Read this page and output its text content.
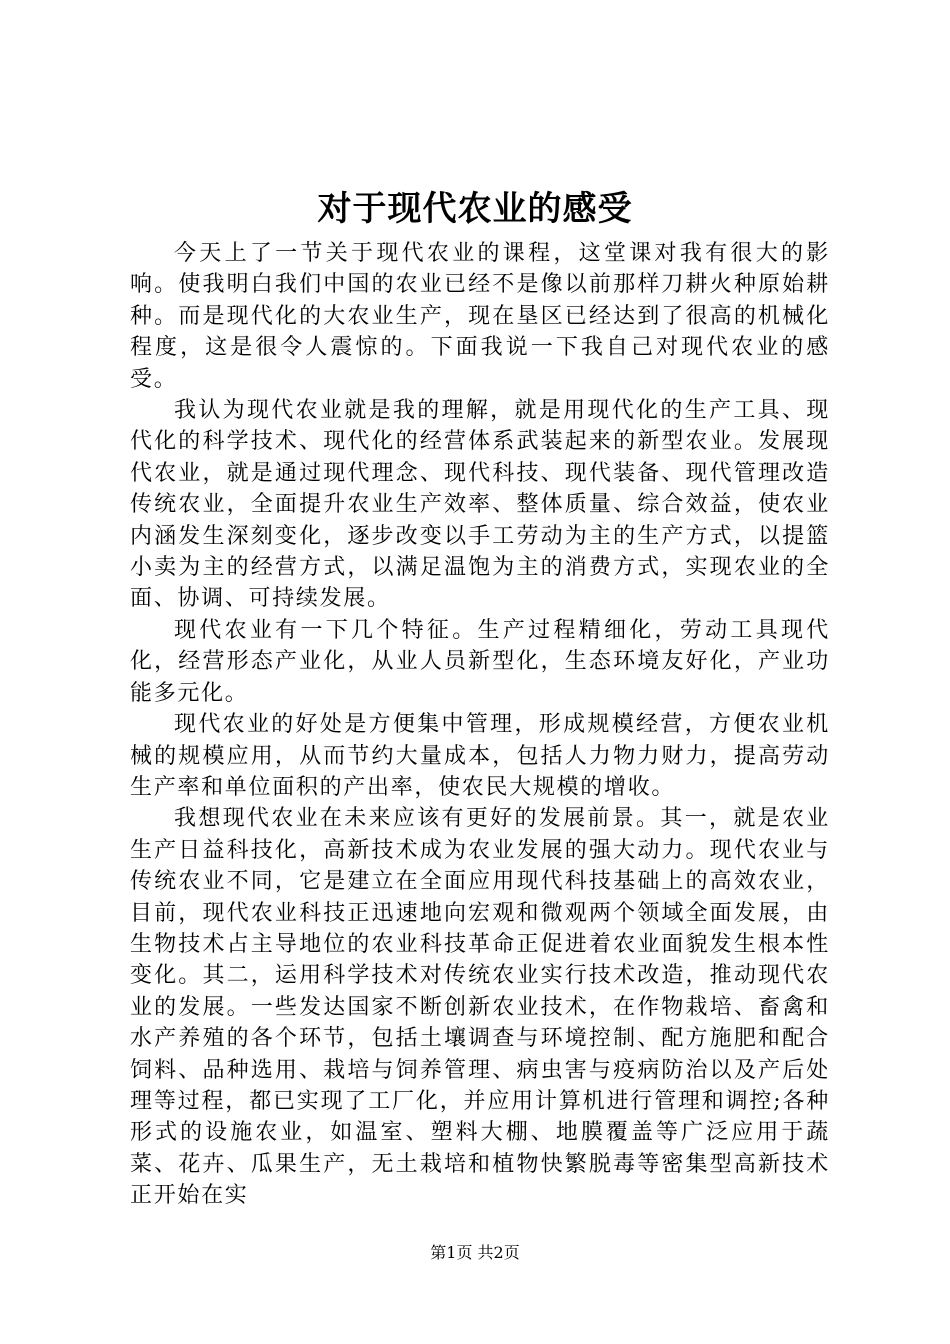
对于现代农业的感受

今天上了一节关于现代农业的课程，这堂课对我有很大的影响。使我明白我们中国的农业已经不是像以前那样刀耕火种原始耕种。而是现代化的大农业生产，现在垦区已经达到了很高的机械化程度，这是很令人震惊的。下面我说一下我自己对现代农业的感受。

我认为现代农业就是我的理解，就是用现代化的生产工具、现代化的科学技术、现代化的经营体系武装起来的新型农业。发展现代农业，就是通过现代理念、现代科技、现代装备、现代管理改造传统农业，全面提升农业生产效率、整体质量、综合效益，使农业内涵发生深刻变化，逐步改变以手工劳动为主的生产方式，以提篮小卖为主的经营方式，以满足温饱为主的消费方式，实现农业的全面、协调、可持续发展。

现代农业有一下几个特征。生产过程精细化，劳动工具现代化，经营形态产业化，从业人员新型化，生态环境友好化，产业功能多元化。

现代农业的好处是方便集中管理，形成规模经营，方便农业机械的规模应用，从而节约大量成本，包括人力物力财力，提高劳动生产率和单位面积的产出率，使农民大规模的增收。

我想现代农业在未来应该有更好的发展前景。其一，就是农业生产日益科技化，高新技术成为农业发展的强大动力。现代农业与传统农业不同，它是建立在全面应用现代科技基础上的高效农业，目前，现代农业科技正迅速地向宏观和微观两个领域全面发展，由生物技术占主导地位的农业科技革命正促进着农业面貌发生根本性变化。其二，运用科学技术对传统农业实行技术改造，推动现代农业的发展。一些发达国家不断创新农业技术，在作物栽培、畜禽和水产养殖的各个环节，包括土壤调查与环境控制、配方施肥和配合饲料、品种选用、栽培与饲养管理、病虫害与疫病防治以及产后处理等过程，都已实现了工厂化，并应用计算机进行管理和调控;各种形式的设施农业，如温室、塑料大棚、地膜覆盖等广泛应用于蔬菜、花卉、瓜果生产，无土栽培和植物快繁脱毒等密集型高新技术正开始在实

第1页 共2页
